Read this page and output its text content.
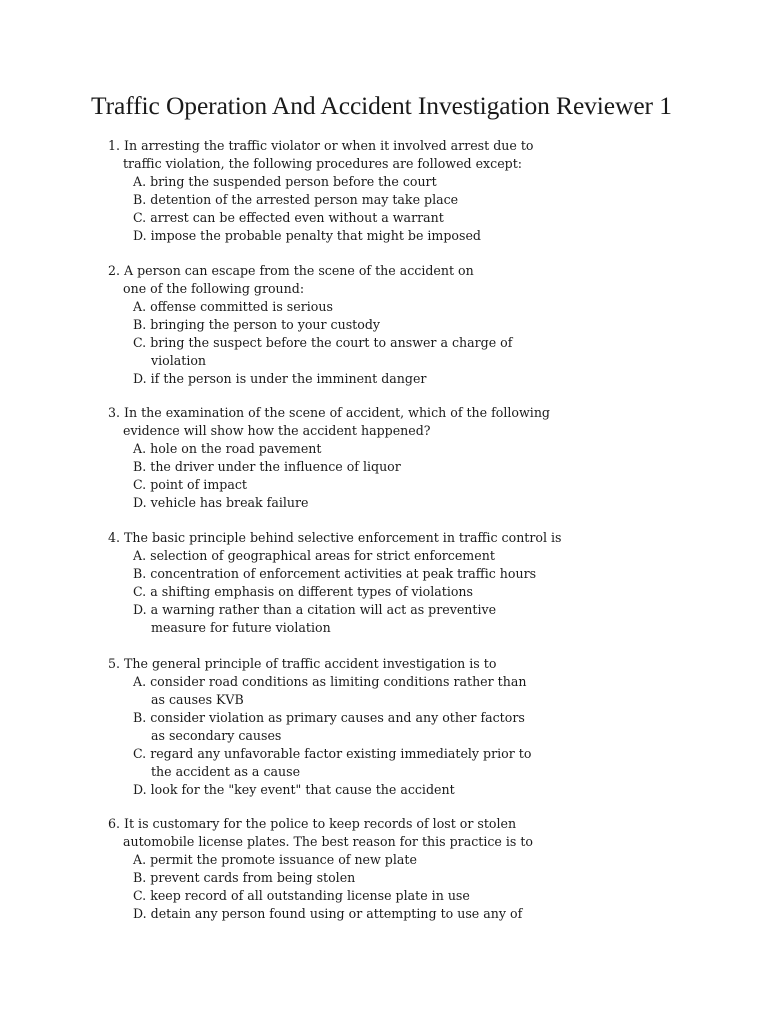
Traffic Operation And Accident Investigation Reviewer 1
1. In arresting the traffic violator or when it involved arrest due to
traffic violation, the following procedures are followed except:
A. bring the suspended person before the court
B. detention of the arrested person may take place
C. arrest can be effected even without a warrant
D. impose the probable penalty that might be imposed
2. A person can escape from the scene of the accident on
one of the following ground:
A. offense committed is serious
B. bringing the person to your custody
C. bring the suspect before the court to answer a charge of
violation
D. if the person is under the imminent danger
3. In the examination of the scene of accident, which of the following
evidence will show how the accident happened?
A. hole on the road pavement
B. the driver under the influence of liquor
C. point of impact
D. vehicle has break failure
4. The basic principle behind selective enforcement in traffic control is
A. selection of geographical areas for strict enforcement
B. concentration of enforcement activities at peak traffic hours
C. a shifting emphasis on different types of violations
D. a warning rather than a citation will act as preventive
measure for future violation
5. The general principle of traffic accident investigation is to
A. consider road conditions as limiting conditions rather than
as causes KVB
B. consider violation as primary causes and any other factors
as secondary causes
C. regard any unfavorable factor existing immediately prior to
the accident as a cause
D. look for the "key event" that cause the accident
6. It is customary for the police to keep records of lost or stolen
automobile license plates. The best reason for this practice is to
A. permit the promote issuance of new plate
B. prevent cards from being stolen
C. keep record of all outstanding license plate in use
D. detain any person found using or attempting to use any of
